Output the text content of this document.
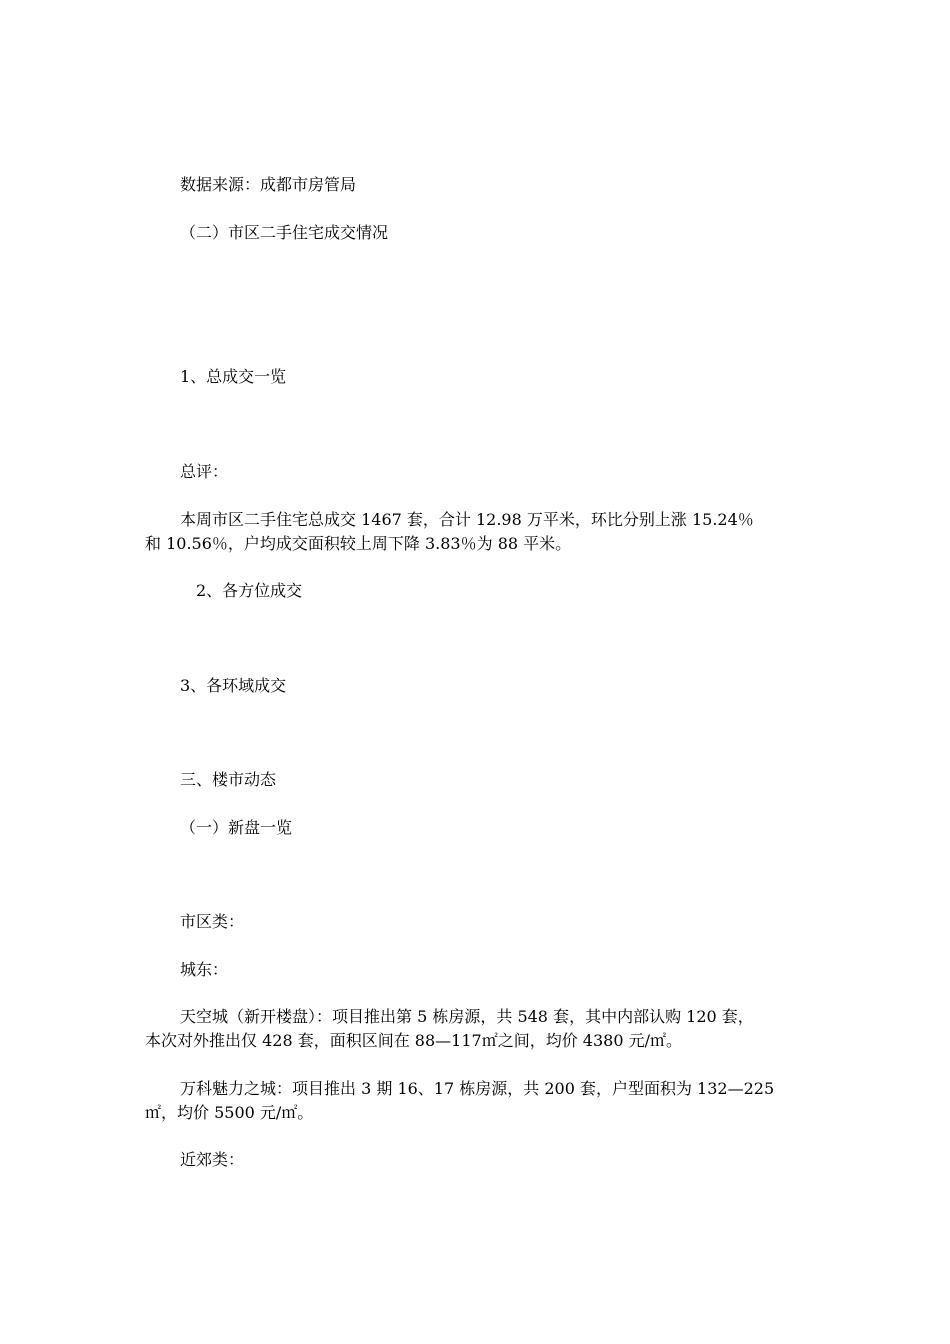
数据来源：成都市房管局

（二）市区二手住宅成交情况

1、总成交一览

总评：

本周市区二手住宅总成交 1467 套，合计 12.98 万平米，环比分别上涨 15.24％

和 10.56％，户均成交面积较上周下降 3.83％为 88 平米。

2、各方位成交

3、各环域成交

三、楼市动态

（一）新盘一览

市区类：

城东：

天空城（新开楼盘）：项目推出第 5 栋房源，共 548 套，其中内部认购 120 套，

本次对外推出仅 428 套，面积区间在 88—117㎡之间，均价 4380 元/㎡。

万科魅力之城：项目推出 3 期 16、17 栋房源，共 200 套，户型面积为 132—225

㎡，均价 5500 元/㎡。

近郊类：
